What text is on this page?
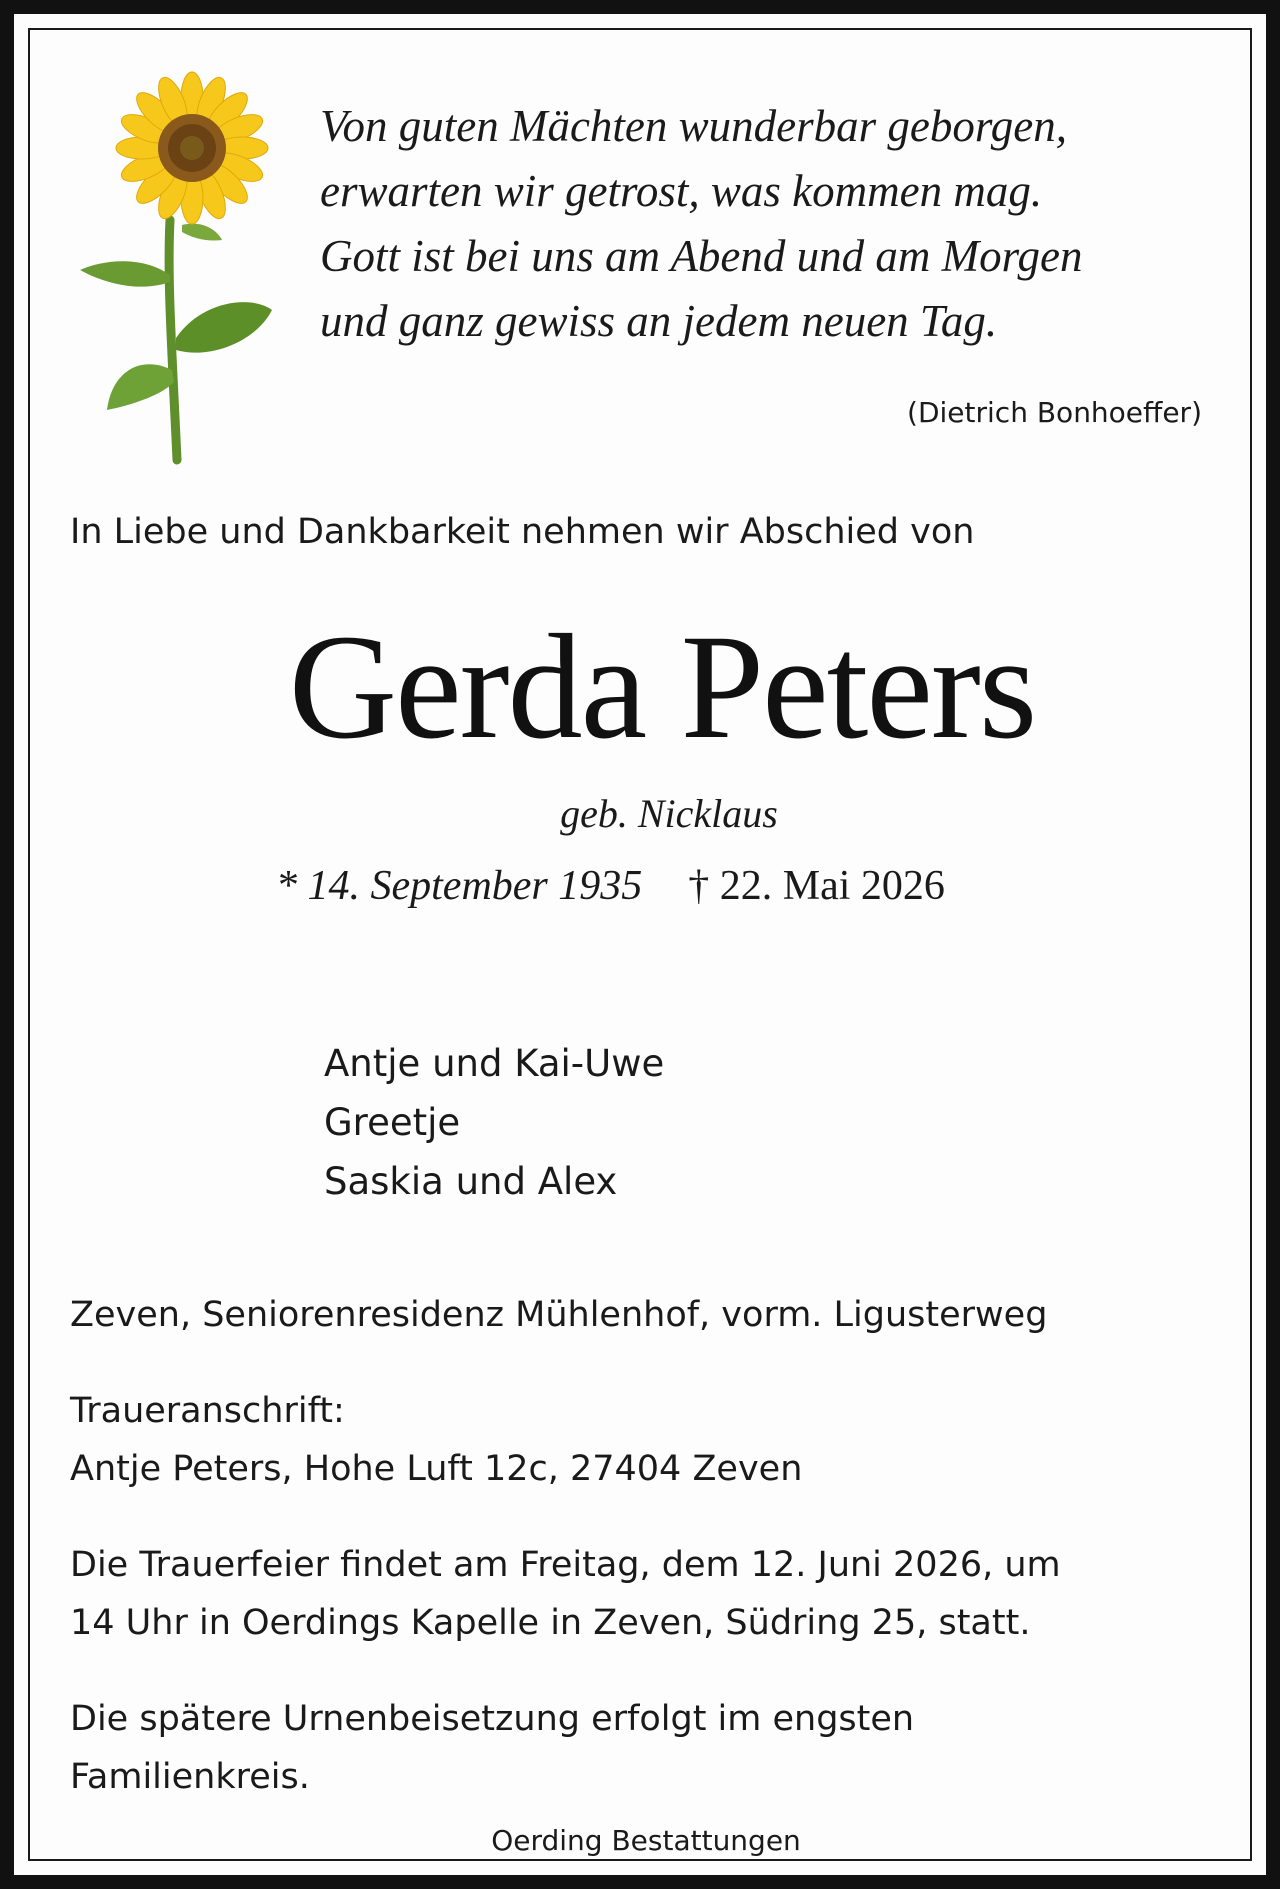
Von guten Mächten wunderbar geborgen,
erwarten wir getrost, was kommen mag.
Gott ist bei uns am Abend und am Morgen
und ganz gewiss an jedem neuen Tag.
(Dietrich Bonhoeffer)
In Liebe und Dankbarkeit nehmen wir Abschied von
Gerda Peters
geb. Nicklaus
* 14. September 1935 † 22. Mai 2026
Antje und Kai-Uwe
Greetje
Saskia und Alex
Zeven, Seniorenresidenz Mühlenhof, vorm. Ligusterweg
Traueranschrift:
Antje Peters, Hohe Luft 12c, 27404 Zeven
Die Trauerfeier findet am Freitag, dem 12. Juni 2026, um
14 Uhr in Oerdings Kapelle in Zeven, Südring 25, statt.
Die spätere Urnenbeisetzung erfolgt im engsten
Familienkreis.
Oerding Bestattungen
